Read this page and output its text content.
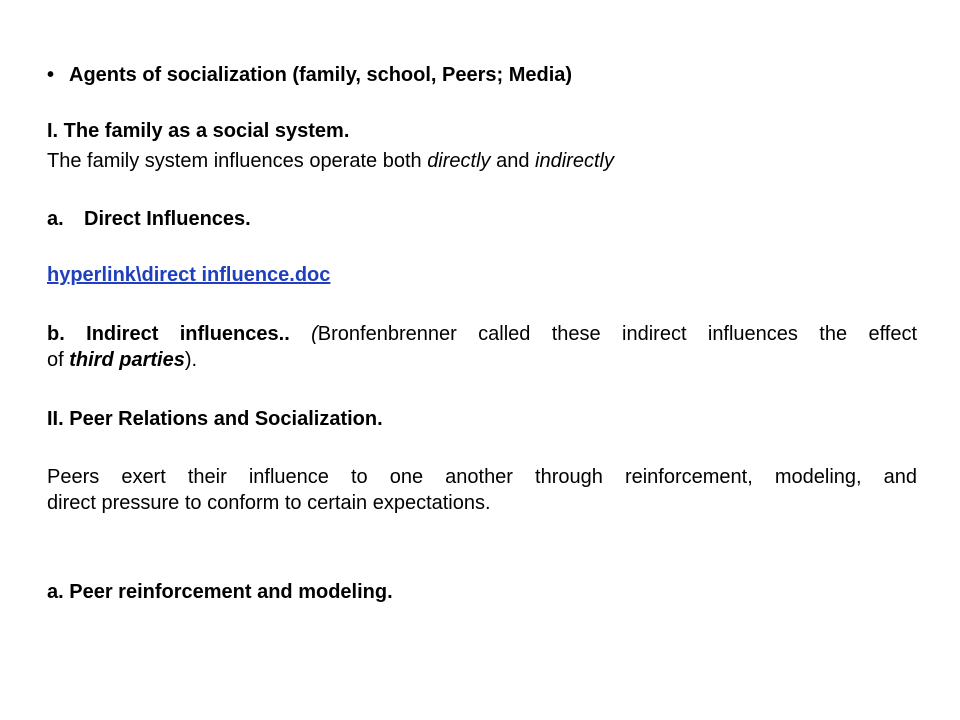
• Agents of socialization (family, school, Peers; Media)
I. The family as a social system.
The family system influences operate both directly and indirectly
a. Direct Influences.
hyperlink\direct influence.doc
b. Indirect influences.. (Bronfenbrenner called these indirect influences the effect
of third parties).
II. Peer Relations and Socialization.
Peers exert their influence to one another through reinforcement, modeling, and
direct pressure to conform to certain expectations.
a. Peer reinforcement and modeling.
